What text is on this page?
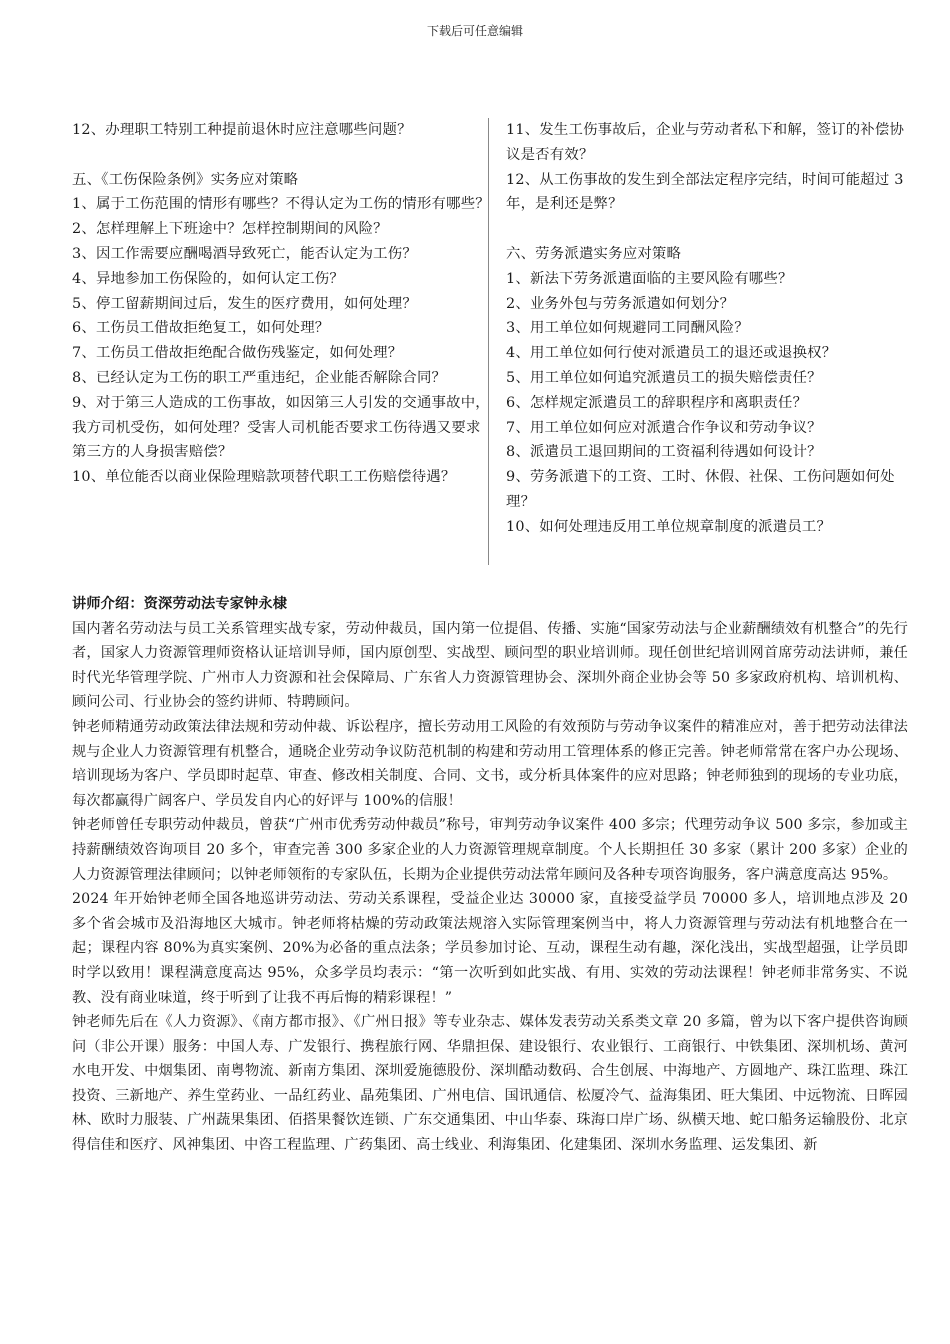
下载后可任意编辑
12、办理职工特别工种提前退休时应注意哪些问题？
五、《工伤保险条例》实务应对策略
1、属于工伤范围的情形有哪些？不得认定为工伤的情形有哪些？
2、怎样理解上下班途中？怎样控制期间的风险？
3、因工作需要应酬喝酒导致死亡，能否认定为工伤？
4、异地参加工伤保险的，如何认定工伤？
5、停工留薪期间过后，发生的医疗费用，如何处理？
6、工伤员工借故拒绝复工，如何处理？
7、工伤员工借故拒绝配合做伤残鉴定，如何处理？
8、已经认定为工伤的职工严重违纪，企业能否解除合同？
9、对于第三人造成的工伤事故，如因第三人引发的交通事故中，我方司机受伤，如何处理？受害人司机能否要求工伤待遇又要求第三方的人身损害赔偿？
10、单位能否以商业保险理赔款项替代职工工伤赔偿待遇？
11、发生工伤事故后，企业与劳动者私下和解，签订的补偿协议是否有效？
12、从工伤事故的发生到全部法定程序完结，时间可能超过 3 年，是利还是弊？
六、劳务派遣实务应对策略
1、新法下劳务派遣面临的主要风险有哪些？
2、业务外包与劳务派遣如何划分？
3、用工单位如何规避同工同酬风险？
4、用工单位如何行使对派遣员工的退还或退换权？
5、用工单位如何追究派遣员工的损失赔偿责任？
6、怎样规定派遣员工的辞职程序和离职责任？
7、用工单位如何应对派遣合作争议和劳动争议？
8、派遣员工退回期间的工资福利待遇如何设计？
9、劳务派遣下的工资、工时、休假、社保、工伤问题如何处理？
10、如何处理违反用工单位规章制度的派遣员工？
讲师介绍：资深劳动法专家钟永棣

国内著名劳动法与员工关系管理实战专家，劳动仲裁员，国内第一位提倡、传播、实施“国家劳动法与企业薪酬绩效有机整合”的先行者，国家人力资源管理师资格认证培训导师，国内原创型、实战型、顾问型的职业培训师。现任创世纪培训网首席劳动法讲师，兼任时代光华管理学院、广州市人力资源和社会保障局、广东省人力资源管理协会、深圳外商企业协会等 50 多家政府机构、培训机构、顾问公司、行业协会的签约讲师、特聘顾问。

钟老师精通劳动政策法律法规和劳动仲裁、诉讼程序，擅长劳动用工风险的有效预防与劳动争议案件的精准应对，善于把劳动法律法规与企业人力资源管理有机整合，通晓企业劳动争议防范机制的构建和劳动用工管理体系的修正完善。钟老师常常在客户办公现场、培训现场为客户、学员即时起草、审查、修改相关制度、合同、文书，或分析具体案件的应对思路；钟老师独到的现场的专业功底，每次都赢得广阔客户、学员发自内心的好评与 100%的信服！

钟老师曾任专职劳动仲裁员，曾获“广州市优秀劳动仲裁员”称号，审判劳动争议案件 400 多宗；代理劳动争议 500 多宗，参加或主持薪酬绩效咨询项目 20 多个，审查完善 300 多家企业的人力资源管理规章制度。个人长期担任 30 多家（累计 200 多家）企业的人力资源管理法律顾问；以钟老师领衔的专家队伍，长期为企业提供劳动法常年顾问及各种专项咨询服务，客户满意度高达 95%。

2024 年开始钟老师全国各地巡讲劳动法、劳动关系课程，受益企业达 30000 家，直接受益学员 70000 多人，培训地点涉及 20 多个省会城市及沿海地区大城市。钟老师将枯燥的劳动政策法规溶入实际管理案例当中，将人力资源管理与劳动法有机地整合在一起；课程内容 80%为真实案例、20%为必备的重点法条；学员参加讨论、互动，课程生动有趣，深化浅出，实战型超强，让学员即时学以致用！课程满意度高达 95%，众多学员均表示：“第一次听到如此实战、有用、实效的劳动法课程！钟老师非常务实、不说教、没有商业味道，终于听到了让我不再后悔的精彩课程！”

钟老师先后在《人力资源》、《南方都市报》、《广州日报》等专业杂志、媒体发表劳动关系类文章 20 多篇，曾为以下客户提供咨询顾问（非公开课）服务：中国人寿、广发银行、携程旅行网、华鼎担保、建设银行、农业银行、工商银行、中铁集团、深圳机场、黄河水电开发、中烟集团、南粤物流、新南方集团、深圳爱施德股份、深圳酷动数码、合生创展、中海地产、方圆地产、珠江监理、珠江投资、三新地产、养生堂药业、一品红药业、晶苑集团、广州电信、国讯通信、松厦冷气、益海集团、旺大集团、中远物流、日晖园林、欧时力服装、广州蔬果集团、佰搭果餐饮连锁、广东交通集团、中山华泰、珠海口岸广场、纵横天地、蛇口船务运输股份、北京得信佳和医疗、风神集团、中咨工程监理、广药集团、高士线业、利海集团、化建集团、深圳水务监理、运发集团、新
